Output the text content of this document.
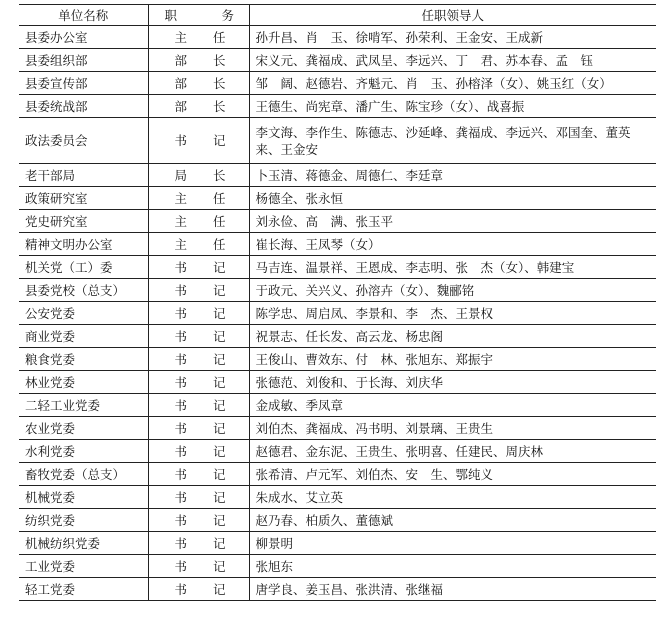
单位名称	职　务	任职领导人
县委办公室	主任	孙升昌、肖　玉、徐啃军、孙荣利、王金安、王成新
县委组织部	部长	宋义元、龚福成、武凤呈、李远兴、丁　君、苏本春、孟　钰
县委宣传部	部长	邹　阔、赵德岩、齐魁元、肖　玉、孙榕泽（女）、姚玉红（女）
县委统战部	部长	王德生、尚宪章、潘广生、陈宝珍（女）、战喜振
政法委员会	书记	李文海、李作生、陈德志、沙延峰、龚福成、李远兴、邓国奎、董英来、王金安
老干部局	局长	卜玉清、蒋德金、周德仁、李廷章
政策研究室	主任	杨德全、张永恒
党史研究室	主任	刘永俭、高　满、张玉平
精神文明办公室	主任	崔长海、王凤琴（女）
机关党（工）委	书记	马吉连、温景祥、王恩成、李志明、张　杰（女）、韩建宝
县委党校（总支）	书记	于政元、关兴义、孙溶卉（女）、魏郦铭
公安党委	书记	陈学忠、周启凤、李景和、李　杰、王景权
商业党委	书记	祝景志、任长发、高云龙、杨忠阁
粮食党委	书记	王俊山、曹效东、付　林、张旭东、郑振宇
林业党委	书记	张德范、刘俊和、于长海、刘庆华
二轻工业党委	书记	金成敏、季凤章
农业党委	书记	刘伯杰、龚福成、冯书明、刘景璃、王贵生
水利党委	书记	赵德君、金东泥、王贵生、张明喜、任建民、周庆林
畜牧党委（总支）	书记	张希清、卢元军、刘伯杰、安　生、鄂纯义
机械党委	书记	朱成水、艾立英
纺织党委	书记	赵乃春、柏质久、董德斌
机械纺织党委	书记	柳景明
工业党委	书记	张旭东
轻工党委	书记	唐学良、姜玉昌、张洪清、张继福
